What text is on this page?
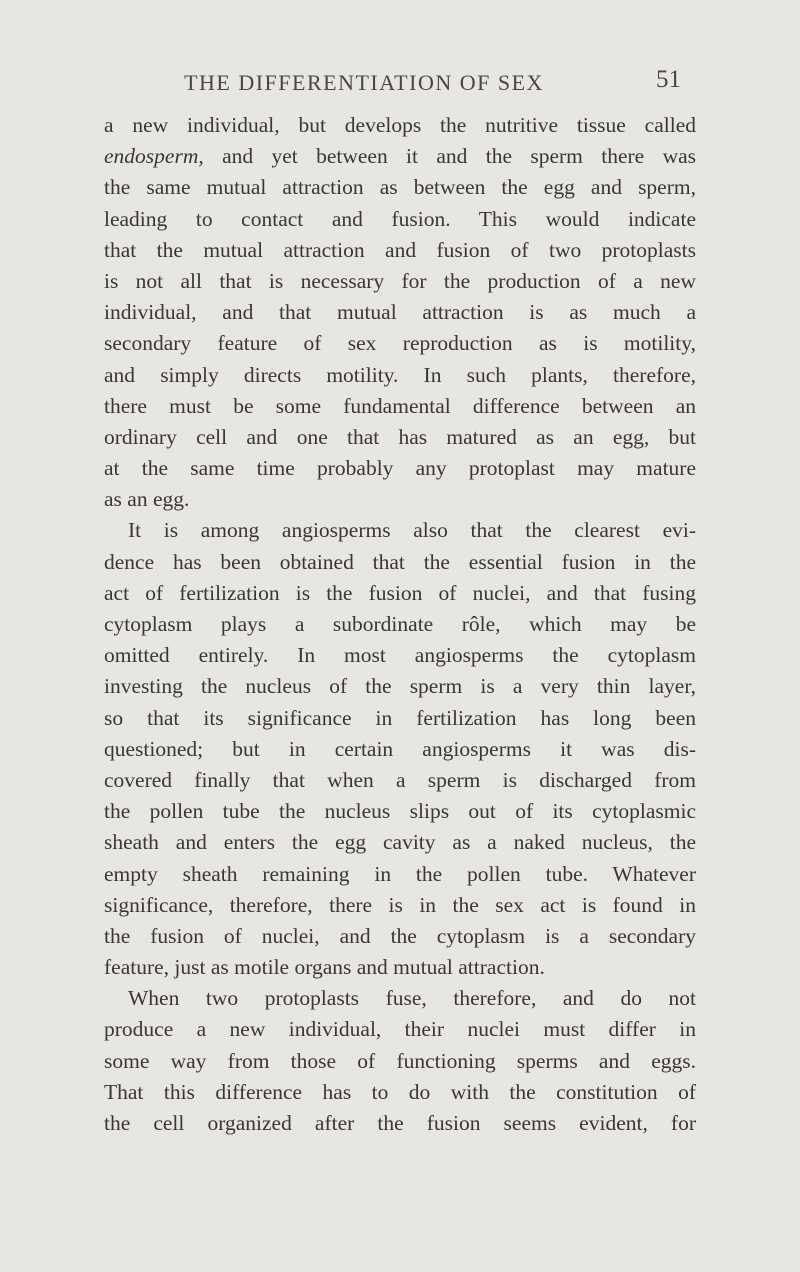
THE DIFFERENTIATION OF SEX	51
a new individual, but develops the nutritive tissue called
endosperm, and yet between it and the sperm there was
the same mutual attraction as between the egg and sperm,
leading to contact and fusion. This would indicate
that the mutual attraction and fusion of two protoplasts
is not all that is necessary for the production of a new
individual, and that mutual attraction is as much a
secondary feature of sex reproduction as is motility,
and simply directs motility. In such plants, therefore,
there must be some fundamental difference between an
ordinary cell and one that has matured as an egg, but
at the same time probably any protoplast may mature
as an egg.
It is among angiosperms also that the clearest evi-
dence has been obtained that the essential fusion in the
act of fertilization is the fusion of nuclei, and that fusing
cytoplasm plays a subordinate rôle, which may be
omitted entirely. In most angiosperms the cytoplasm
investing the nucleus of the sperm is a very thin layer,
so that its significance in fertilization has long been
questioned; but in certain angiosperms it was dis-
covered finally that when a sperm is discharged from
the pollen tube the nucleus slips out of its cytoplasmic
sheath and enters the egg cavity as a naked nucleus, the
empty sheath remaining in the pollen tube. Whatever
significance, therefore, there is in the sex act is found in
the fusion of nuclei, and the cytoplasm is a secondary
feature, just as motile organs and mutual attraction.
When two protoplasts fuse, therefore, and do not
produce a new individual, their nuclei must differ in
some way from those of functioning sperms and eggs.
That this difference has to do with the constitution of
the cell organized after the fusion seems evident, for
